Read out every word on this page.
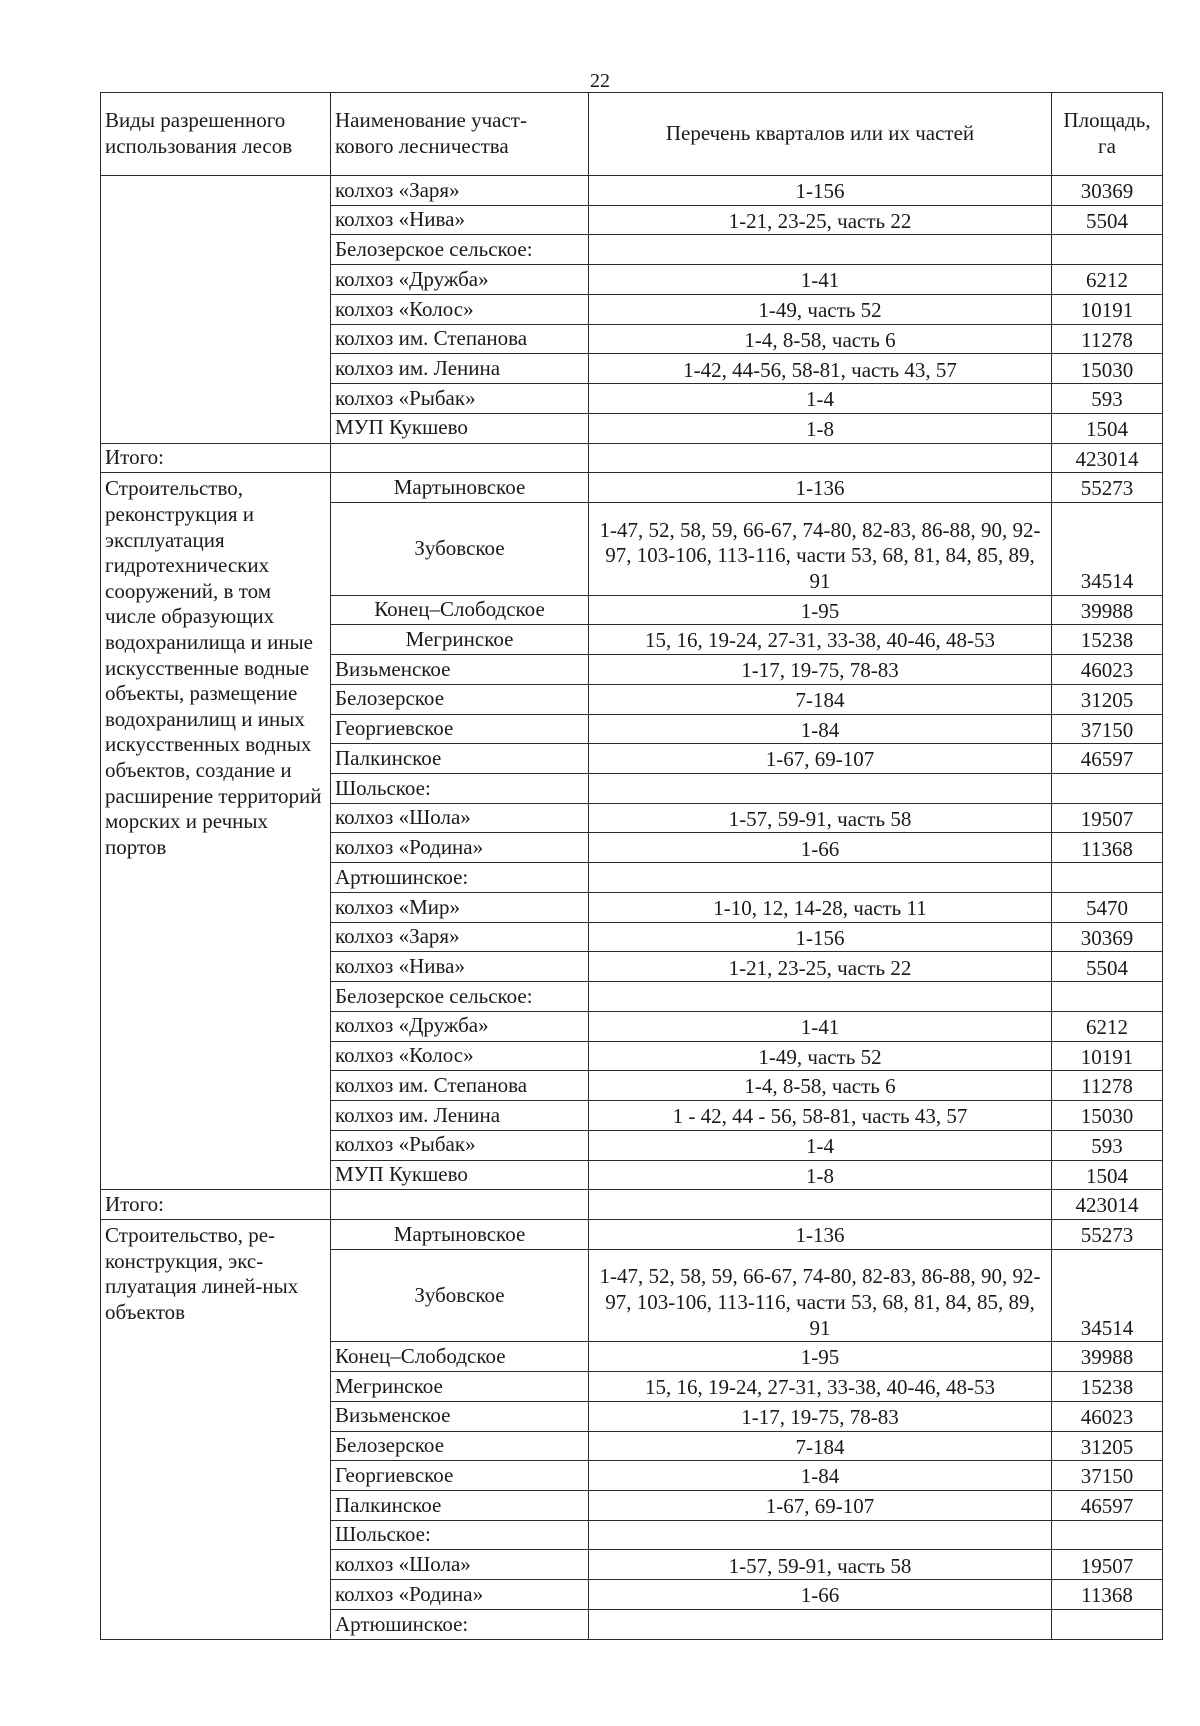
22
Виды разрешенного использования лесов	Наименование участ-кового лесничества	Перечень кварталов или их частей	Площадь, га
	колхоз «Заря»	1-156	30369
	колхоз «Нива»	1-21, 23-25, часть 22	5504
	Белозерское сельское:		
	колхоз «Дружба»	1-41	6212
	колхоз «Колос»	1-49, часть 52	10191
	колхоз им. Степанова	1-4, 8-58, часть 6	11278
	колхоз им. Ленина	1-42, 44-56, 58-81, часть 43, 57	15030
	колхоз «Рыбак»	1-4	593
	МУП Кукшево	1-8	1504
Итого:			423014
Строительство, реконструкция и эксплуатация гидротехнических сооружений, в том числе образующих водохранилища и иные искусственные водные объекты, размещение водохранилищ и иных искусственных водных объектов, создание и расширение территорий морских и речных портов	Мартыновское	1-136	55273
	Зубовское	1-47, 52, 58, 59, 66-67, 74-80, 82-83, 86-88, 90, 92-97, 103-106, 113-116, части 53, 68, 81, 84, 85, 89, 91	34514
	Конец–Слободское	1-95	39988
	Мегринское	15, 16, 19-24, 27-31, 33-38, 40-46, 48-53	15238
	Визьменское	1-17, 19-75, 78-83	46023
	Белозерское	7-184	31205
	Георгиевское	1-84	37150
	Палкинское	1-67, 69-107	46597
	Шольское:		
	колхоз «Шола»	1-57, 59-91, часть 58	19507
	колхоз «Родина»	1-66	11368
	Артюшинское:		
	колхоз «Мир»	1-10, 12, 14-28, часть 11	5470
	колхоз «Заря»	1-156	30369
	колхоз «Нива»	1-21, 23-25, часть 22	5504
	Белозерское сельское:		
	колхоз «Дружба»	1-41	6212
	колхоз «Колос»	1-49, часть 52	10191
	колхоз им. Степанова	1-4, 8-58, часть 6	11278
	колхоз им. Ленина	1 - 42, 44 - 56, 58-81, часть 43, 57	15030
	колхоз «Рыбак»	1-4	593
	МУП Кукшево	1-8	1504
Итого:			423014
Строительство, ре-конструкция, экс-плуатация линей-ных объектов	Мартыновское	1-136	55273
	Зубовское	1-47, 52, 58, 59, 66-67, 74-80, 82-83, 86-88, 90, 92-97, 103-106, 113-116, части 53, 68, 81, 84, 85, 89, 91	34514
	Конец–Слободское	1-95	39988
	Мегринское	15, 16, 19-24, 27-31, 33-38, 40-46, 48-53	15238
	Визьменское	1-17, 19-75, 78-83	46023
	Белозерское	7-184	31205
	Георгиевское	1-84	37150
	Палкинское	1-67, 69-107	46597
	Шольское:		
	колхоз «Шола»	1-57, 59-91, часть 58	19507
	колхоз «Родина»	1-66	11368
	Артюшинское:		
